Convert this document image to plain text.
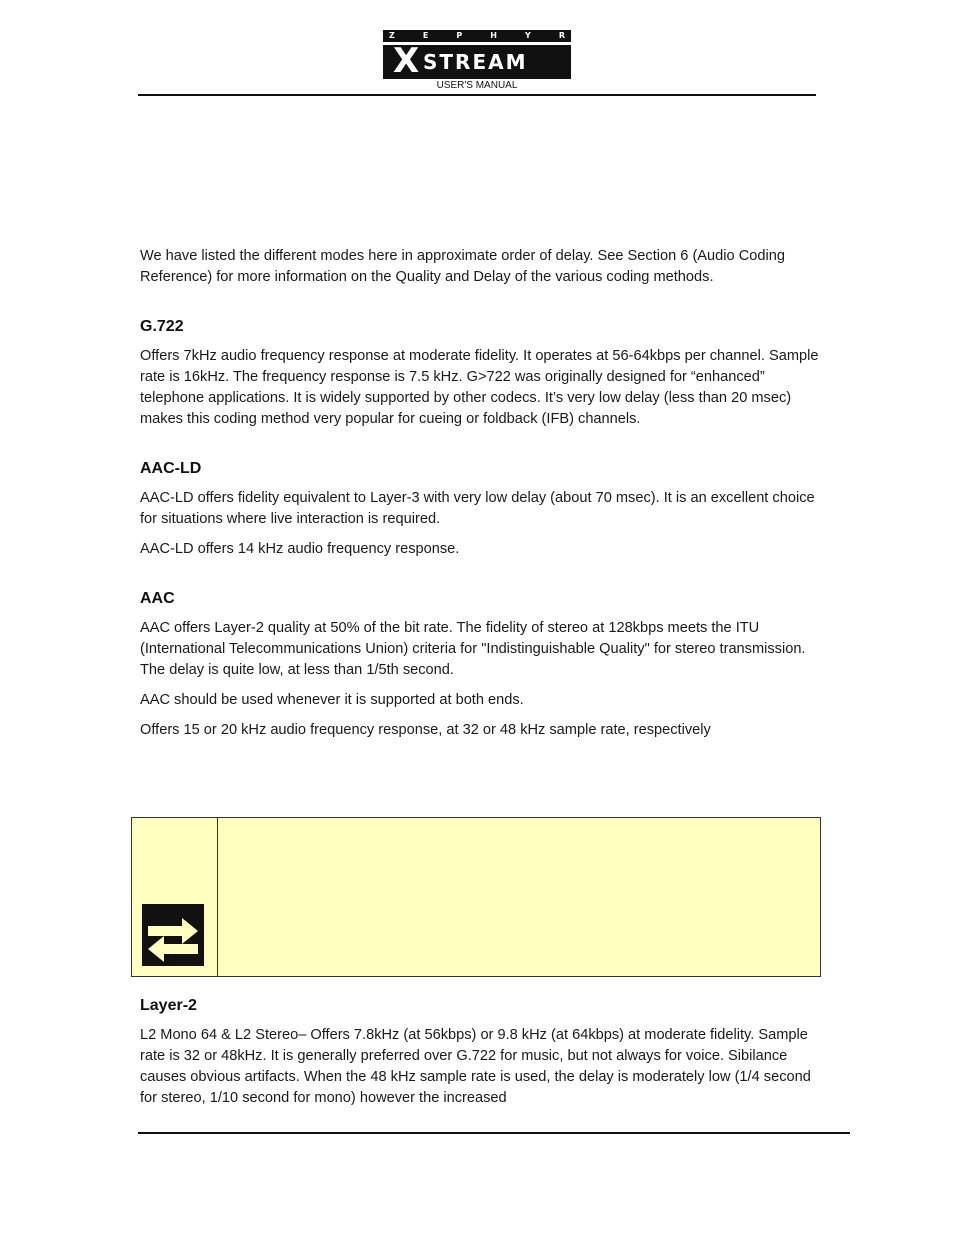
Z	E	P	H	Y	R
X STREAM
USER'S MANUAL

We have listed the different modes here in approximate order of delay. See Section 6 (Audio Coding Reference) for more information on the Quality and Delay of the various coding methods.

G.722

Offers 7kHz audio frequency response at moderate fidelity. It operates at 56-64kbps per channel. Sample rate is 16kHz. The frequency response is 7.5 kHz. G>722 was originally designed for “enhanced” telephone applications. It is widely supported by other codecs. It’s very low delay (less than 20 msec) makes this coding method very popular for cueing or foldback (IFB) channels.

AAC-LD

AAC-LD offers fidelity equivalent to Layer-3 with very low delay (about 70 msec). It is an excellent choice for situations where live interaction is required.

AAC-LD offers 14 kHz audio frequency response.

AAC

AAC offers Layer-2 quality at 50% of the bit rate. The fidelity of stereo at 128kbps meets the ITU (International Telecommunications Union) criteria for "Indistinguishable Quality" for stereo transmission. The delay is quite low, at less than 1/5th second.

AAC should be used whenever it is supported at both ends.

Offers 15 or 20 kHz audio frequency response, at 32 or 48 kHz sample rate, respectively

Layer-2

L2 Mono 64 & L2 Stereo– Offers 7.8kHz (at 56kbps) or 9.8 kHz (at 64kbps) at moderate fidelity. Sample rate is 32 or 48kHz. It is generally preferred over G.722 for music, but not always for voice. Sibilance causes obvious artifacts. When the 48 kHz sample rate is used, the delay is moderately low (1/4 second for stereo, 1/10 second for mono) however the increased
